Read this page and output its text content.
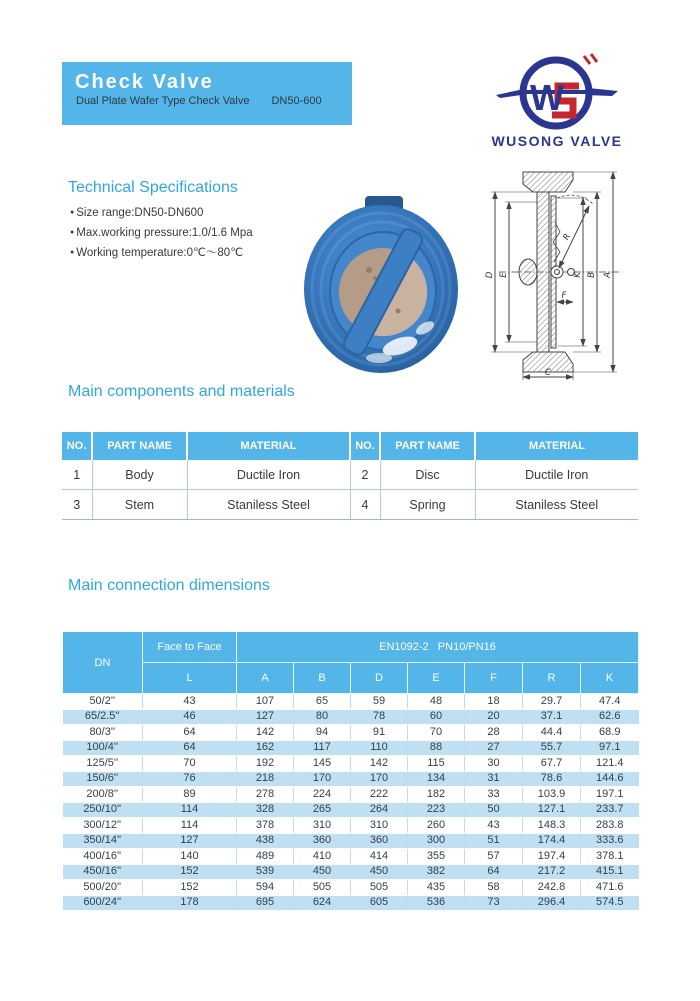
Check Valve
Dual Plate Wafer Type Check Valve DN50-600	W
WUSONG VALVE
Technical Specifications
● Size range:DN50-DN600
● Max.working pressure:1.0/1.6 Mpa
● Working temperature:0℃～80℃
D E	K B A
R
F
C
Main components and materials
NO.	PART NAME	MATERIAL	NO.	PART NAME	MATERIAL
1	Body	Ductile Iron	2	Disc	Ductile Iron
3	Stem	Staniless Steel	4	Spring	Staniless Steel
Main connection dimensions
DN	Face to Face	EN1092-2   PN10/PN16						
	L	A	B	D	E	F	R	K
50/2''	43	107	65	59	48	18	29.7	47.4
65/2.5''	46	127	80	78	60	20	37.1	62.6
80/3''	64	142	94	91	70	28	44.4	68.9
100/4''	64	162	117	110	88	27	55.7	97.1
125/5''	70	192	145	142	115	30	67.7	121.4
150/6''	76	218	170	170	134	31	78.6	144.6
200/8''	89	278	224	222	182	33	103.9	197.1
250/10''	114	328	265	264	223	50	127.1	233.7
300/12''	114	378	310	310	260	43	148.3	283.8
350/14''	127	438	360	360	300	51	174.4	333.6
400/16''	140	489	410	414	355	57	197.4	378.1
450/16''	152	539	450	450	382	64	217.2	415.1
500/20''	152	594	505	505	435	58	242.8	471.6
600/24''	178	695	624	605	536	73	296.4	574.5
